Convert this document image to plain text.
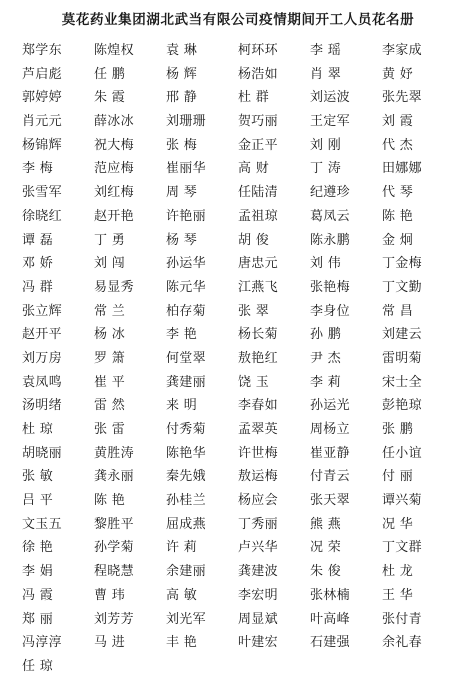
莫花药业集团湖北武当有限公司疫情期间开工人员花名册
郑学东	陈煌权	袁 琳	柯环环	李 瑶	李家成
芦启彪	任 鹏	杨 辉	杨浩如	肖 翠	黄 妤
郭婷婷	朱 霞	邢 静	杜 群	刘运波	张先翠
肖元元	薛冰冰	刘珊珊	贺巧丽	王定军	刘 霞
杨锦辉	祝大梅	张 梅	金正平	刘 刚	代 杰
李 梅	范应梅	崔丽华	高 财	丁 涛	田娜娜
张雪军	刘红梅	周 琴	任陆清	纪遵珍	代 琴
徐晓红	赵开艳	许艳丽	孟祖琼	葛凤云	陈 艳
谭 磊	丁 勇	杨 琴	胡 俊	陈永鹏	金 炯
邓 娇	刘 闯	孙运华	唐忠元	刘 伟	丁金梅
冯 群	易显秀	陈元华	江燕飞	张艳梅	丁文勤
张立辉	常 兰	柏存菊	张 翠	李身位	常 昌
赵开平	杨 冰	李 艳	杨长菊	孙 鹏	刘建云
刘万房	罗 箫	何堂翠	敖艳红	尹 杰	雷明菊
袁凤鸣	崔 平	龚建丽	饶 玉	李 莉	宋士全
汤明绪	雷 然	来 明	李春如	孙运光	彭艳琼
杜 琼	张 雷	付秀菊	孟翠英	周杨立	张 鹏
胡晓丽	黄胜涛	陈艳华	许世梅	崔亚静	任小谊
张 敏	龚永丽	秦先娥	敖运梅	付青云	付 丽
吕 平	陈 艳	孙桂兰	杨应会	张天翠	谭兴菊
文玉五	黎胜平	屈成燕	丁秀丽	熊 燕	况 华
徐 艳	孙学菊	许 莉	卢兴华	况 荣	丁文群
李 娟	程晓慧	余建丽	龚建波	朱 俊	杜 龙
冯 霞	曹 玮	高 敏	李宏明	张林楠	王 华
郑 丽	刘芳芳	刘光军	周显斌	叶高峰	张付青
冯淳淳	马 进	丰 艳	叶建宏	石建强	余礼春
任 琼
